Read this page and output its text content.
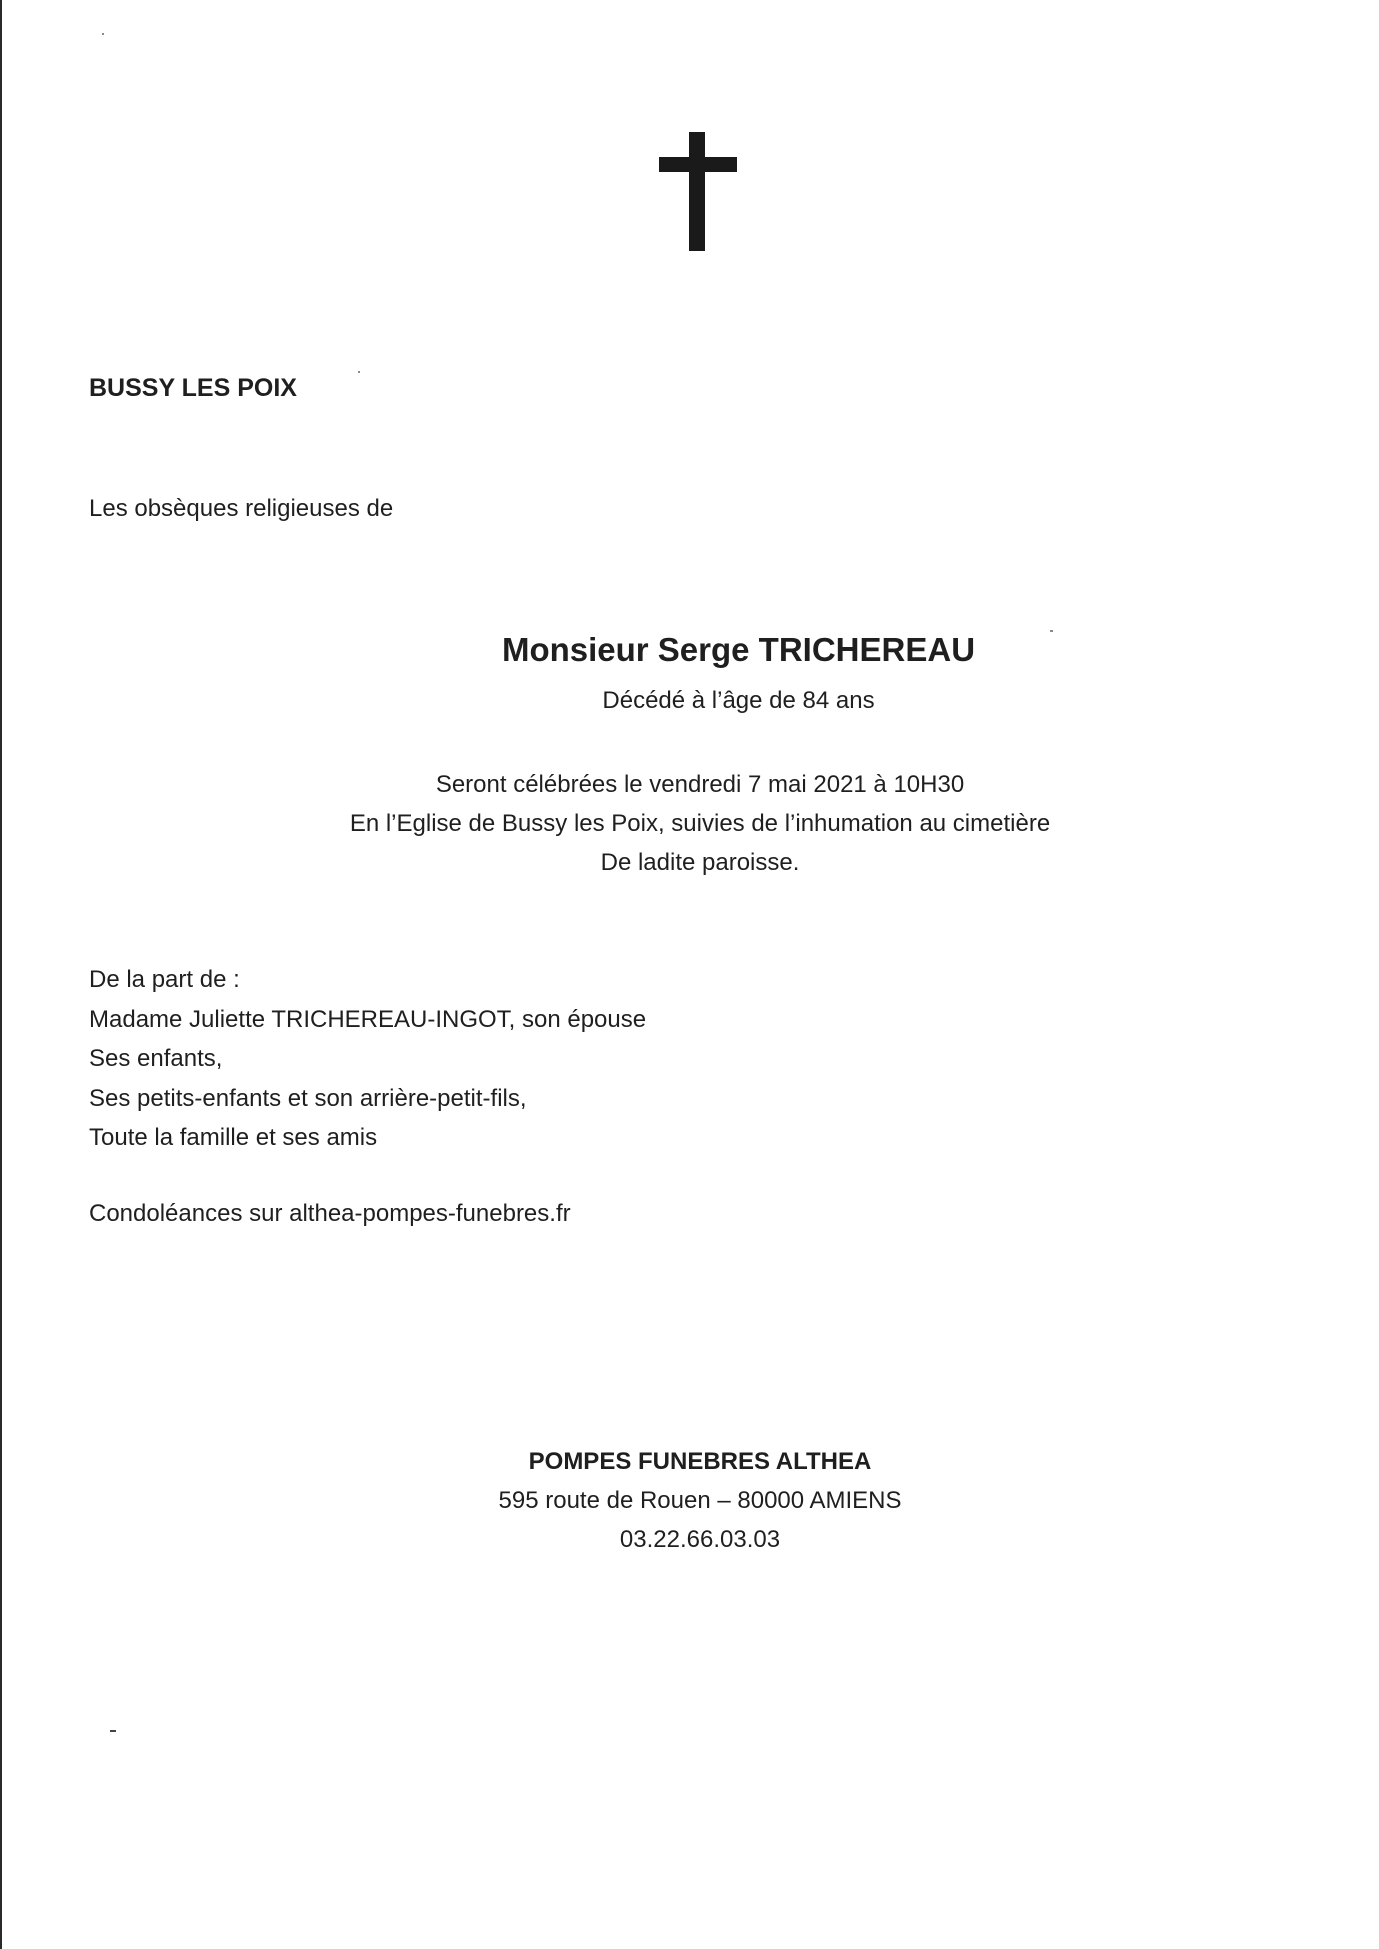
BUSSY LES POIX
Les obsèques religieuses de
Monsieur Serge TRICHEREAU
Décédé à l’âge de 84 ans
Seront célébrées le vendredi 7 mai 2021 à 10H30
En l’Eglise de Bussy les Poix, suivies de l’inhumation au cimetière
De ladite paroisse.
De la part de :
Madame Juliette TRICHEREAU-INGOT, son épouse
Ses enfants,
Ses petits-enfants et son arrière-petit-fils,
Toute la famille et ses amis
Condoléances sur althea-pompes-funebres.fr
POMPES FUNEBRES ALTHEA
595 route de Rouen – 80000 AMIENS
03.22.66.03.03
